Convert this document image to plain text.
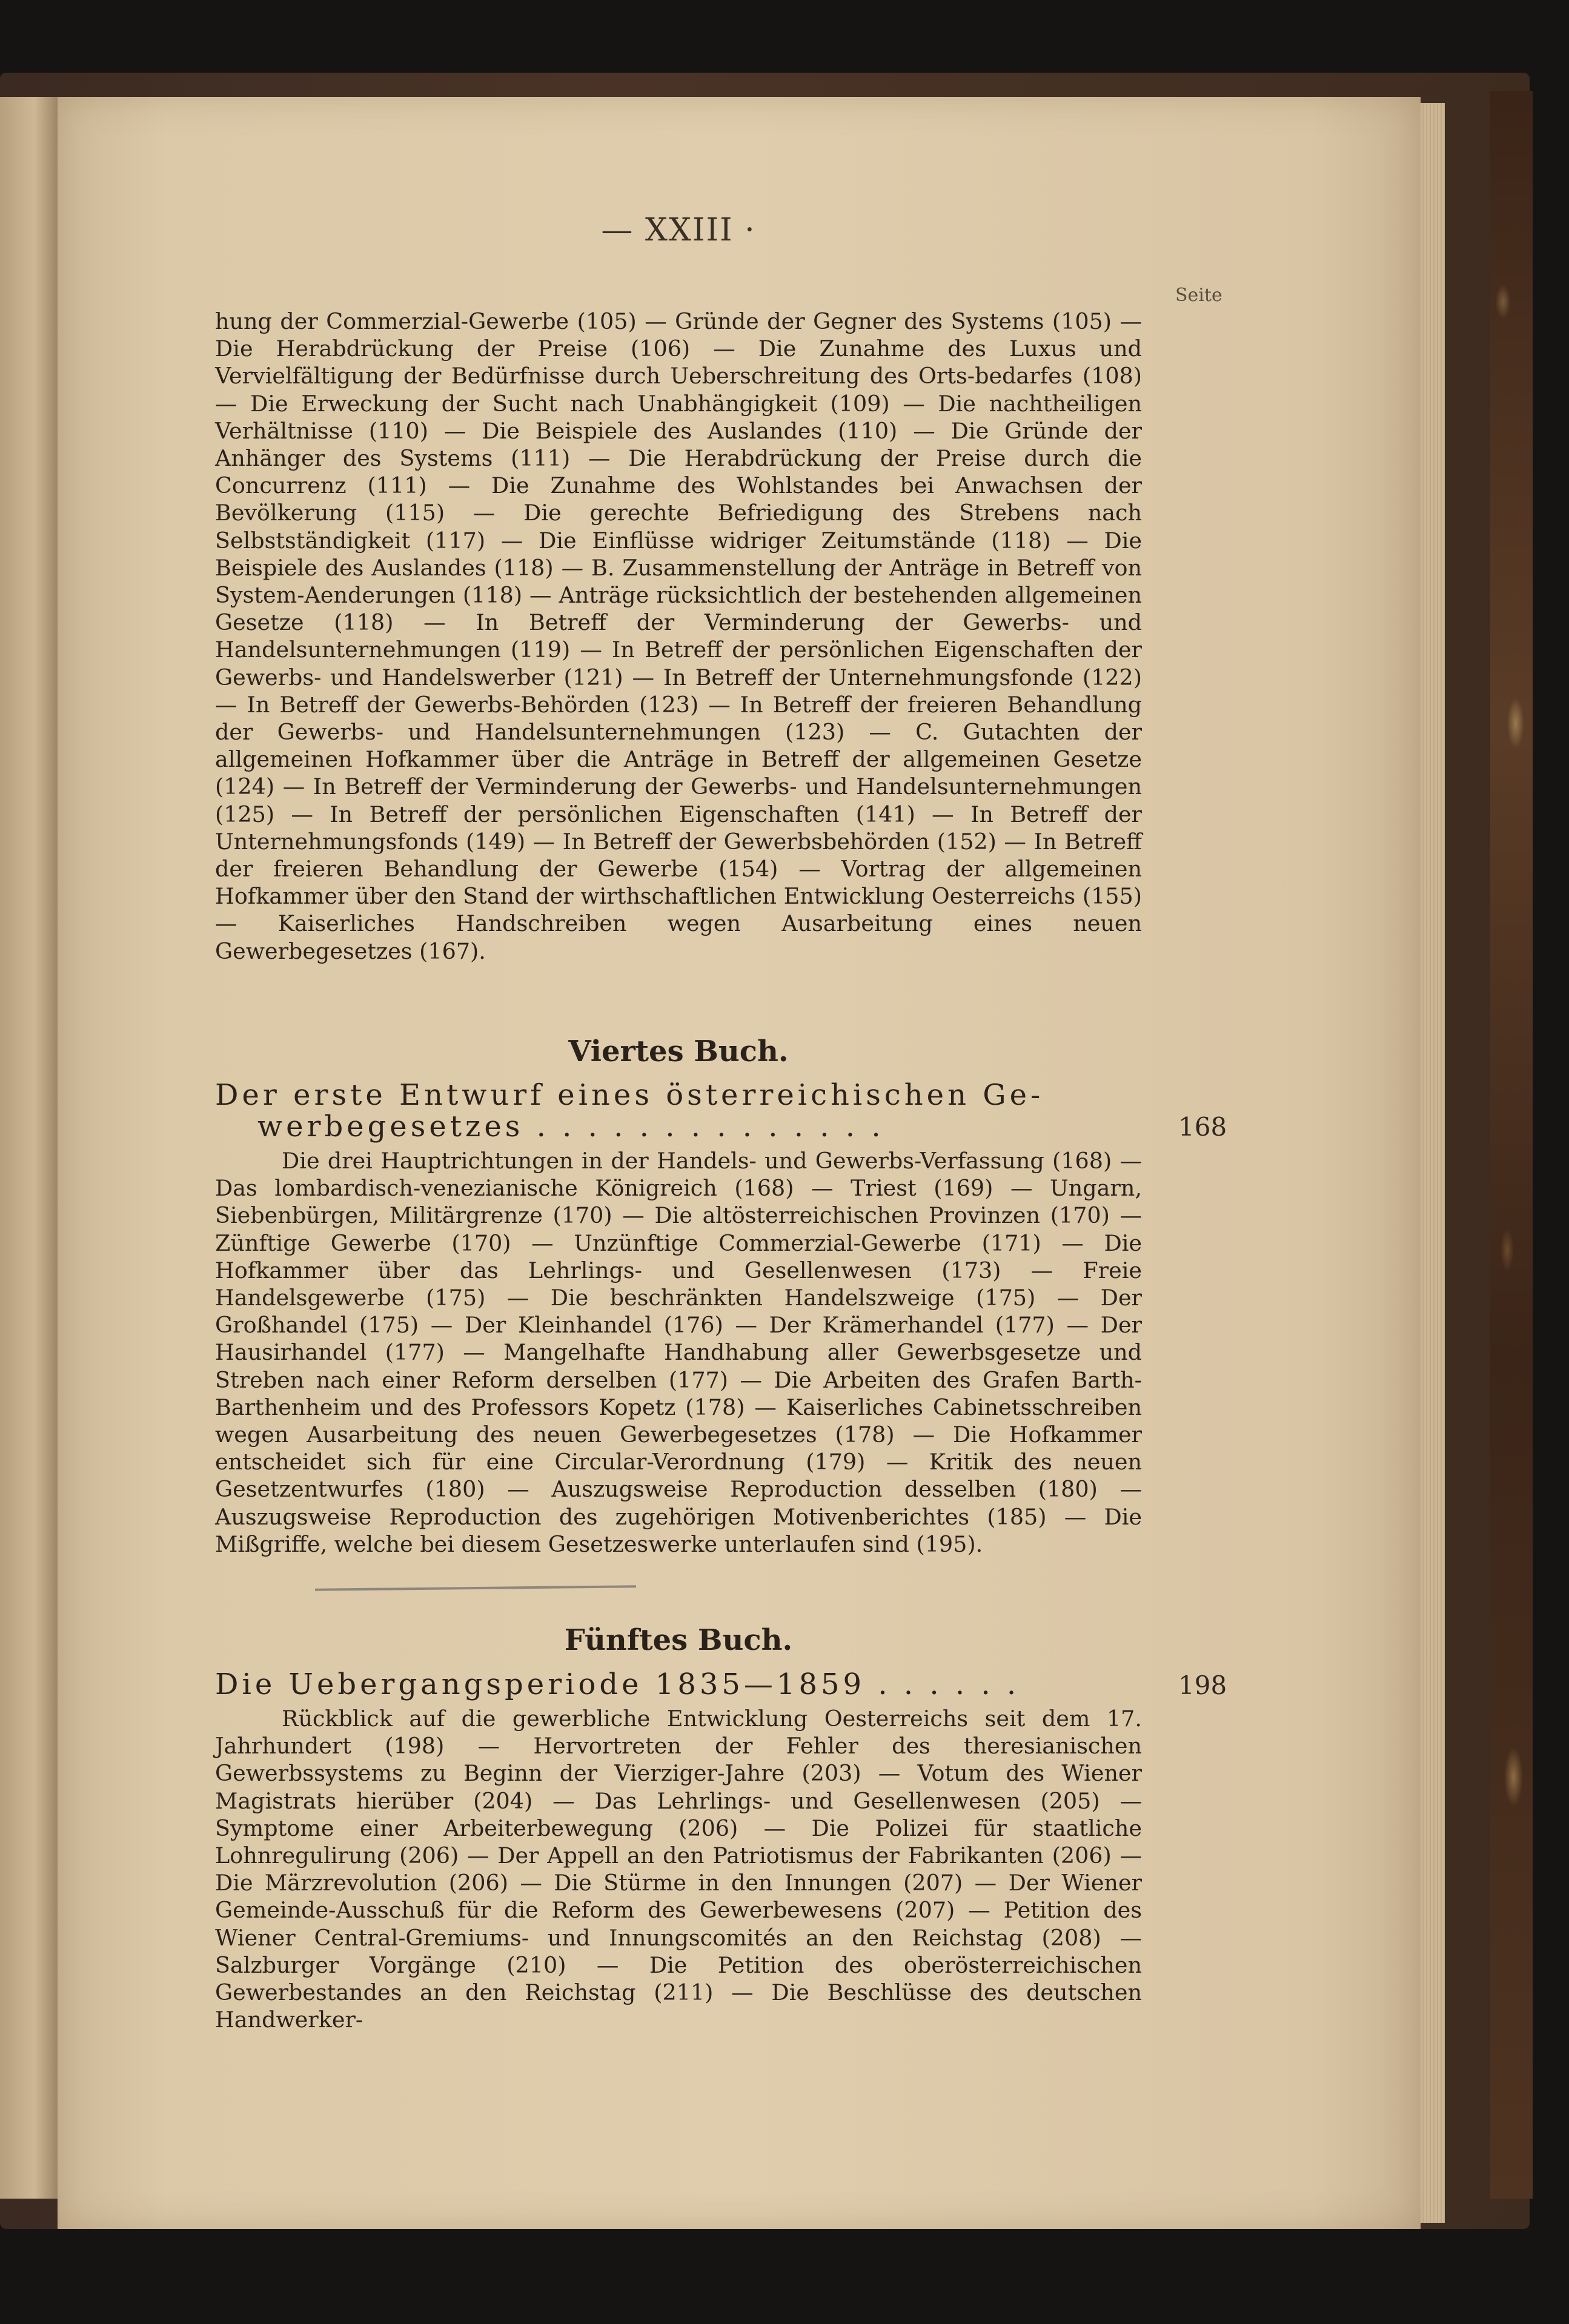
— XXIII ·
Seite
hung der Commerzial-Gewerbe (105) — Gründe der Gegner des Systems (105) — Die Herabdrückung der Preise (106) — Die Zunahme des Luxus und Vervielfältigung der Bedürfnisse durch Ueberschreitung des Orts-bedarfes (108) — Die Erweckung der Sucht nach Unabhängigkeit (109) — Die nachtheiligen Verhältnisse (110) — Die Beispiele des Auslandes (110) — Die Gründe der Anhänger des Systems (111) — Die Herabdrückung der Preise durch die Concurrenz (111) — Die Zunahme des Wohlstandes bei Anwachsen der Bevölkerung (115) — Die gerechte Befriedigung des Strebens nach Selbstständigkeit (117) — Die Einflüsse widriger Zeitumstände (118) — Die Beispiele des Auslandes (118) — B. Zusammenstellung der Anträge in Betreff von System-Aenderungen (118) — Anträge rücksichtlich der bestehenden allgemeinen Gesetze (118) — In Betreff der Verminderung der Gewerbs- und Handelsunternehmungen (119) — In Betreff der persönlichen Eigenschaften der Gewerbs- und Handelswerber (121) — In Betreff der Unternehmungsfonde (122) — In Betreff der Gewerbs-Behörden (123) — In Betreff der freieren Behandlung der Gewerbs- und Handelsunternehmungen (123) — C. Gutachten der allgemeinen Hofkammer über die Anträge in Betreff der allgemeinen Gesetze (124) — In Betreff der Verminderung der Gewerbs- und Handelsunternehmungen (125) — In Betreff der persönlichen Eigenschaften (141) — In Betreff der Unternehmungsfonds (149) — In Betreff der Gewerbsbehörden (152) — In Betreff der freieren Behandlung der Gewerbe (154) — Vortrag der allgemeinen Hofkammer über den Stand der wirthschaftlichen Entwicklung Oesterreichs (155) — Kaiserliches Handschreiben wegen Ausarbeitung eines neuen Gewerbegesetzes (167).
Viertes Buch.
Der erste Entwurf eines österreichischen Ge-
werbegesetzes . . . . . . . . . . . . . .	168
Die drei Hauptrichtungen in der Handels- und Gewerbs-Verfassung (168) — Das lombardisch-venezianische Königreich (168) — Triest (169) — Ungarn, Siebenbürgen, Militärgrenze (170) — Die altösterreichischen Provinzen (170) — Zünftige Gewerbe (170) — Unzünftige Commerzial-Gewerbe (171) — Die Hofkammer über das Lehrlings- und Gesellenwesen (173) — Freie Handelsgewerbe (175) — Die beschränkten Handelszweige (175) — Der Großhandel (175) — Der Kleinhandel (176) — Der Krämerhandel (177) — Der Hausirhandel (177) — Mangelhafte Handhabung aller Gewerbsgesetze und Streben nach einer Reform derselben (177) — Die Arbeiten des Grafen Barth-Barthenheim und des Professors Kopetz (178) — Kaiserliches Cabinetsschreiben wegen Ausarbeitung des neuen Gewerbegesetzes (178) — Die Hofkammer entscheidet sich für eine Circular-Verordnung (179) — Kritik des neuen Gesetzentwurfes (180) — Auszugsweise Reproduction desselben (180) — Auszugsweise Reproduction des zugehörigen Motivenberichtes (185) — Die Mißgriffe, welche bei diesem Gesetzeswerke unterlaufen sind (195).
Fünftes Buch.
Die Uebergangsperiode 1835—1859 . . . . . .	198
Rückblick auf die gewerbliche Entwicklung Oesterreichs seit dem 17. Jahrhundert (198) — Hervortreten der Fehler des theresianischen Gewerbssystems zu Beginn der Vierziger-Jahre (203) — Votum des Wiener Magistrats hierüber (204) — Das Lehrlings- und Gesellenwesen (205) — Symptome einer Arbeiterbewegung (206) — Die Polizei für staatliche Lohnregulirung (206) — Der Appell an den Patriotismus der Fabrikanten (206) — Die Märzrevolution (206) — Die Stürme in den Innungen (207) — Der Wiener Gemeinde-Ausschuß für die Reform des Gewerbewesens (207) — Petition des Wiener Central-Gremiums- und Innungscomités an den Reichstag (208) — Salzburger Vorgänge (210) — Die Petition des oberösterreichischen Gewerbestandes an den Reichstag (211) — Die Beschlüsse des deutschen Handwerker-
